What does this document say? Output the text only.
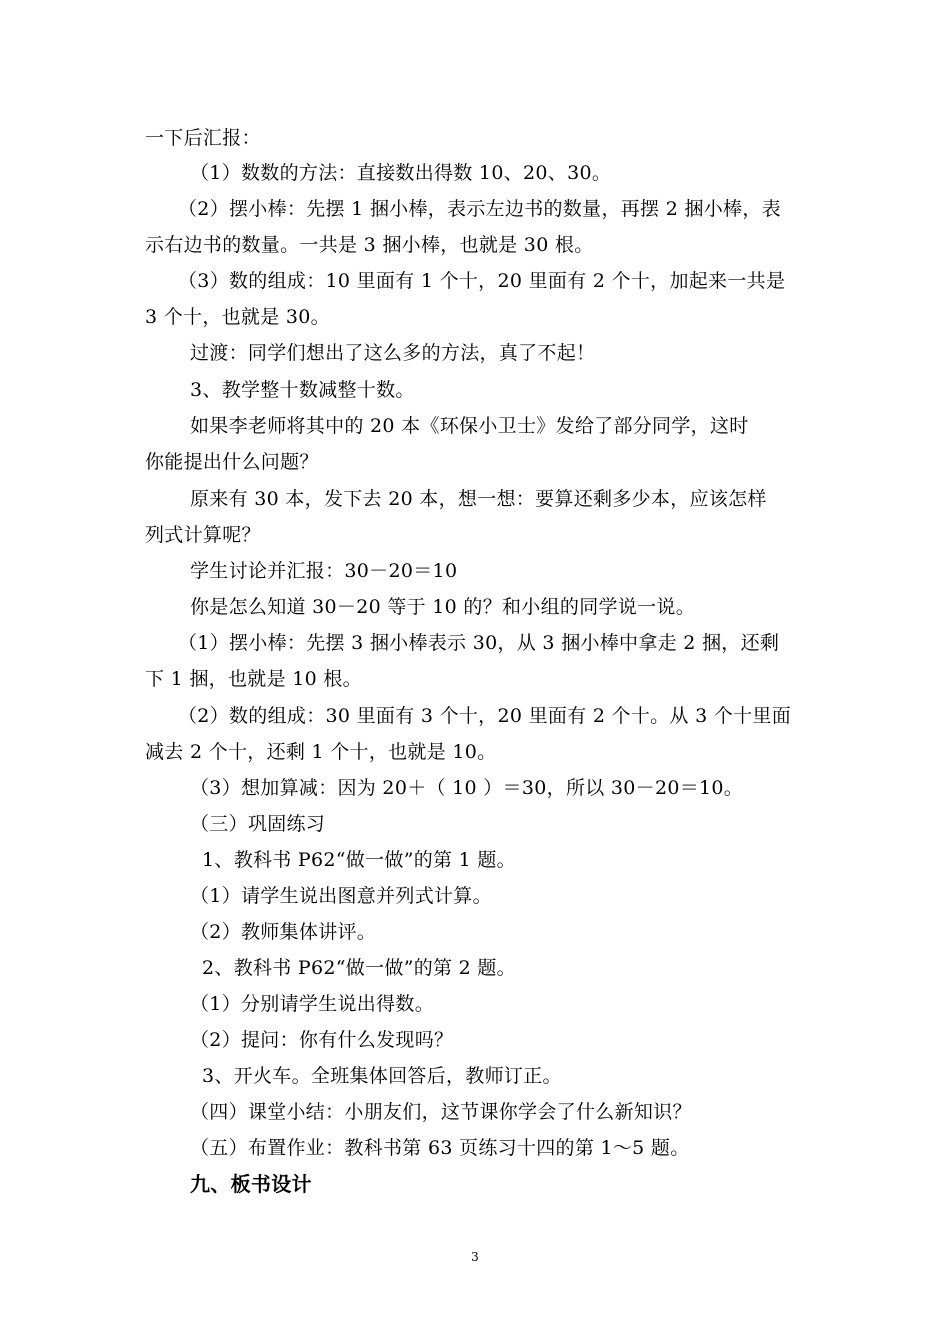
一下后汇报：
（1）数数的方法：直接数出得数 10、20、30。
（2）摆小棒：先摆 1 捆小棒，表示左边书的数量，再摆 2 捆小棒，表
示右边书的数量。一共是 3 捆小棒，也就是 30 根。
（3）数的组成：10 里面有 1 个十，20 里面有 2 个十，加起来一共是
3 个十，也就是 30。
过渡：同学们想出了这么多的方法，真了不起！
3、教学整十数减整十数。
如果李老师将其中的 20 本《环保小卫士》发给了部分同学，这时
你能提出什么问题？
原来有 30 本，发下去 20 本，想一想：要算还剩多少本，应该怎样
列式计算呢？
学生讨论并汇报：30－20＝10
你是怎么知道 30－20 等于 10 的？和小组的同学说一说。
（1）摆小棒：先摆 3 捆小棒表示 30，从 3 捆小棒中拿走 2 捆，还剩
下 1 捆，也就是 10 根。
（2）数的组成：30 里面有 3 个十，20 里面有 2 个十。从 3 个十里面
减去 2 个十，还剩 1 个十，也就是 10。
（3）想加算减：因为 20＋（ 10 ）＝30，所以 30－20＝10。
（三）巩固练习
1、教科书 P62“做一做”的第 1 题。
（1）请学生说出图意并列式计算。
（2）教师集体讲评。
2、教科书 P62“做一做”的第 2 题。
（1）分别请学生说出得数。
（2）提问：你有什么发现吗？
3、开火车。全班集体回答后，教师订正。
（四）课堂小结：小朋友们，这节课你学会了什么新知识？
（五）布置作业：教科书第 63 页练习十四的第 1～5 题。
九、板书设计
3
